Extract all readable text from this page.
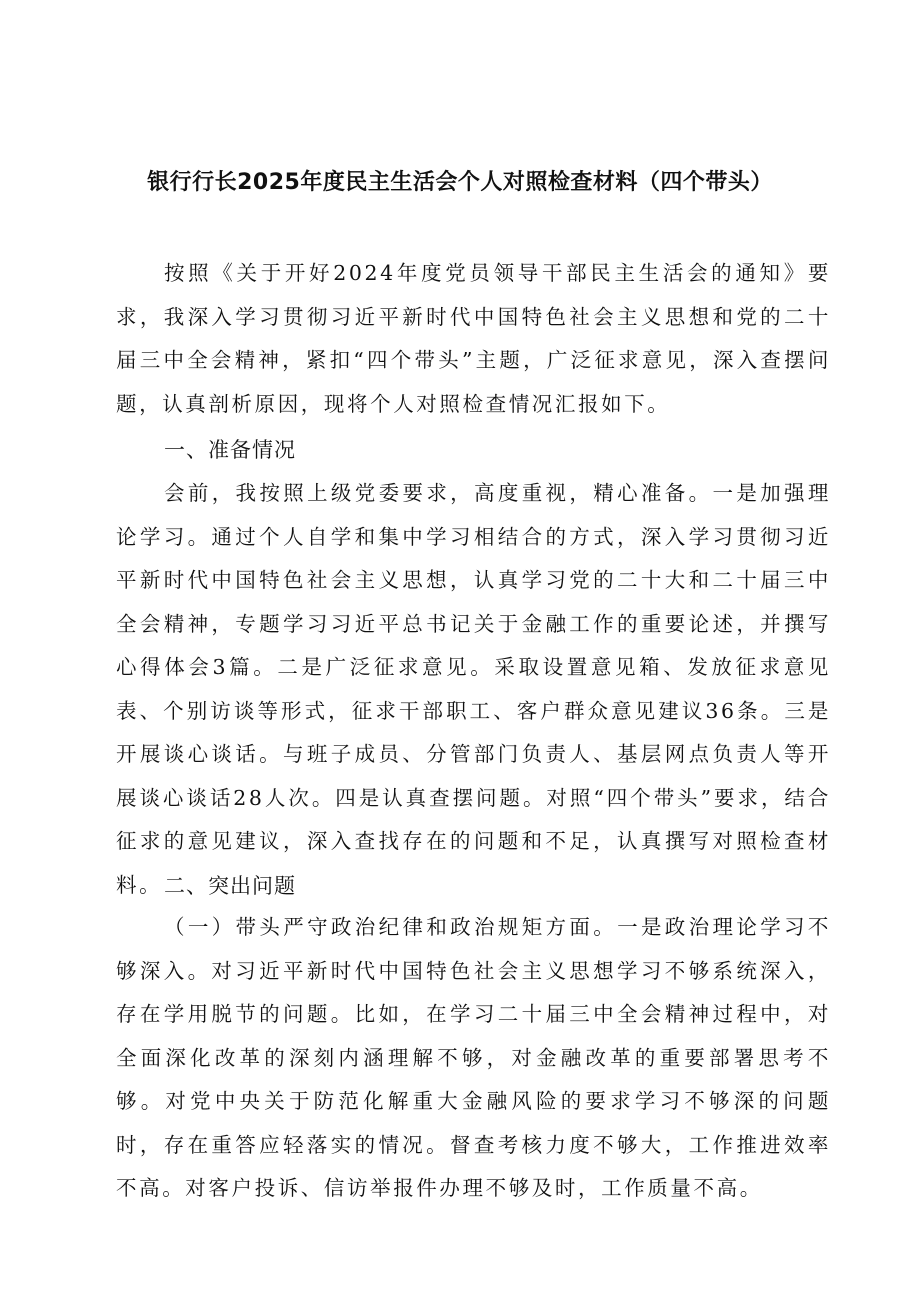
银行行长2025年度民主生活会个人对照检查材料（四个带头）

按照《关于开好2024年度党员领导干部民主生活会的通知》要求，我深入学习贯彻习近平新时代中国特色社会主义思想和党的二十届三中全会精神，紧扣“四个带头”主题，广泛征求意见，深入查摆问题，认真剖析原因，现将个人对照检查情况汇报如下。

一、准备情况

会前，我按照上级党委要求，高度重视，精心准备。一是加强理论学习。通过个人自学和集中学习相结合的方式，深入学习贯彻习近平新时代中国特色社会主义思想，认真学习党的二十大和二十届三中全会精神，专题学习习近平总书记关于金融工作的重要论述，并撰写心得体会3篇。二是广泛征求意见。采取设置意见箱、发放征求意见表、个别访谈等形式，征求干部职工、客户群众意见建议36条。三是开展谈心谈话。与班子成员、分管部门负责人、基层网点负责人等开展谈心谈话28人次。四是认真查摆问题。对照“四个带头”要求，结合征求的意见建议，深入查找存在的问题和不足，认真撰写对照检查材料。 二、突出问题

（一）带头严守政治纪律和政治规矩方面。一是政治理论学习不够深入。对习近平新时代中国特色社会主义思想学习不够系统深入，存在学用脱节的问题。比如，在学习二十届三中全会精神过程中，对全面深化改革的深刻内涵理解不够，对金融改革的重要部署思考不够。对党中央关于防范化解重大金融风险的要求学习不够深的问题时，存在重答应轻落实的情况。督查考核力度不够大，工作推进效率不高。对客户投诉、信访举报件办理不够及时，工作质量不高。
